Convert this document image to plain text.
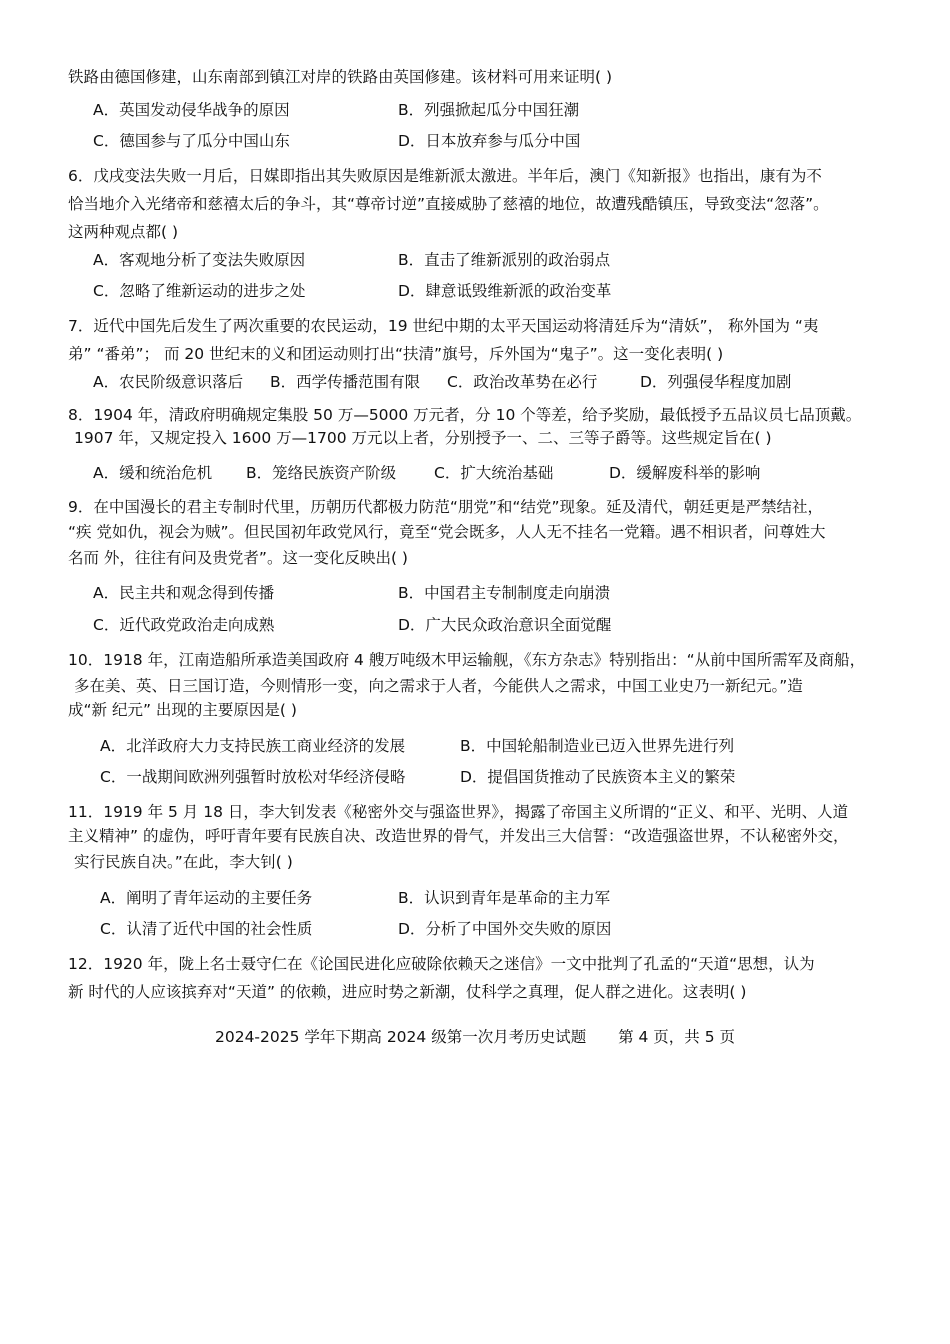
铁路由德国修建，山东南部到镇江对岸的铁路由英国修建。该材料可用来证明( )
A．英国发动侵华战争的原因	B．列强掀起瓜分中国狂潮
C．德国参与了瓜分中国山东	D．日本放弃参与瓜分中国
6．戊戌变法失败一月后，日媒即指出其失败原因是维新派太激进。半年后，澳门《知新报》也指出，康有为不
恰当地介入光绪帝和慈禧太后的争斗，其“尊帝讨逆”直接威胁了慈禧的地位，故遭残酷镇压，导致变法“忽落”。
这两种观点都( )
A．客观地分析了变法失败原因	B．直击了维新派别的政治弱点
C．忽略了维新运动的进步之处	D．肆意诋毁维新派的政治变革
7．近代中国先后发生了两次重要的农民运动，19 世纪中期的太平天国运动将清廷斥为“清妖”， 称外国为 “夷
弟” “番弟”； 而 20 世纪末的义和团运动则打出“扶清”旗号，斥外国为“鬼子”。这一变化表明( )
A．农民阶级意识落后 B．西学传播范围有限 C．政治改革势在必行	D．列强侵华程度加剧
8．1904 年，清政府明确规定集股 50 万—5000 万元者，分 10 个等差，给予奖励，最低授予五品议员七品顶戴。
1907 年，又规定投入 1600 万—1700 万元以上者，分别授予一、二、三等子爵等。这些规定旨在( )
A．缓和统治危机 B．笼络民族资产阶级 C．扩大统治基础	D．缓解废科举的影响
9．在中国漫长的君主专制时代里，历朝历代都极力防范“朋党”和“结党”现象。延及清代，朝廷更是严禁结社，
“疾 党如仇，视会为贼”。但民国初年政党风行，竟至“党会既多，人人无不挂名一党籍。遇不相识者，问尊姓大
名而 外，往往有问及贵党者”。这一变化反映出( )
A．民主共和观念得到传播	B．中国君主专制制度走向崩溃
C．近代政党政治走向成熟	D．广大民众政治意识全面觉醒
10．1918 年，江南造船所承造美国政府 4 艘万吨级木甲运输舰，《东方杂志》特别指出：“从前中国所需军及商船，
多在美、英、日三国订造，今则情形一变，向之需求于人者，今能供人之需求，中国工业史乃一新纪元。”造
成“新 纪元” 出现的主要原因是( )
A．北洋政府大力支持民族工商业经济的发展	B．中国轮船制造业已迈入世界先进行列
C．一战期间欧洲列强暂时放松对华经济侵略	D．提倡国货推动了民族资本主义的繁荣
11．1919 年 5 月 18 日，李大钊发表《秘密外交与强盗世界》，揭露了帝国主义所谓的“正义、和平、光明、人道
主义精神” 的虚伪，呼吁青年要有民族自决、改造世界的骨气，并发出三大信誓：“改造强盗世界，不认秘密外交，
实行民族自决。”在此，李大钊( )
A．阐明了青年运动的主要任务	B．认识到青年是革命的主力军
C．认清了近代中国的社会性质	D．分析了中国外交失败的原因
12．1920 年，陇上名士聂守仁在《论国民进化应破除依赖天之迷信》一文中批判了孔孟的“天道“思想，认为
新 时代的人应该摈弃对“天道” 的依赖，进应时势之新潮，仗科学之真理，促人群之进化。这表明( )
2024-2025 学年下期高 2024 级第一次月考历史试题 第 4 页，共 5 页
